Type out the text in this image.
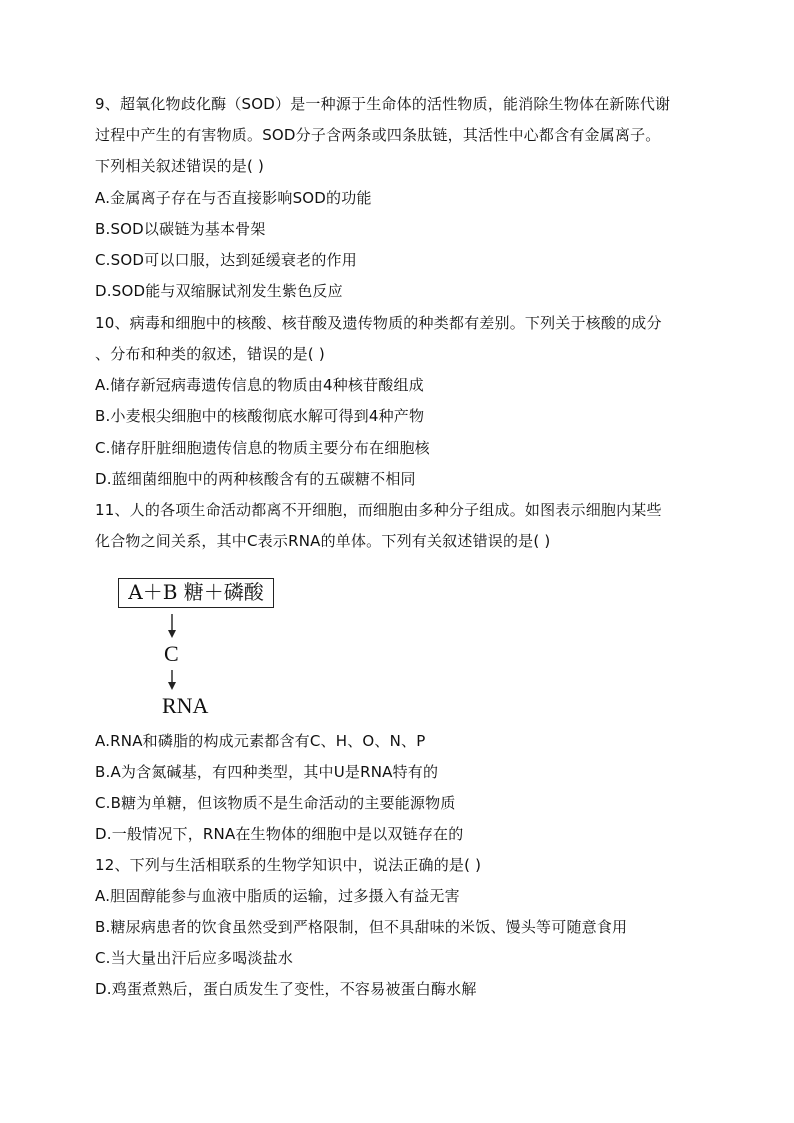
9、超氧化物歧化酶（SOD）是一种源于生命体的活性物质，能消除生物体在新陈代谢
过程中产生的有害物质。SOD分子含两条或四条肽链，其活性中心都含有金属离子。
下列相关叙述错误的是( )
A.金属离子存在与否直接影响SOD的功能
B.SOD以碳链为基本骨架
C.SOD可以口服，达到延缓衰老的作用
D.SOD能与双缩脲试剂发生紫色反应
10、病毒和细胞中的核酸、核苷酸及遗传物质的种类都有差别。下列关于核酸的成分
、分布和种类的叙述，错误的是( )
A.储存新冠病毒遗传信息的物质由4种核苷酸组成
B.小麦根尖细胞中的核酸彻底水解可得到4种产物
C.储存肝脏细胞遗传信息的物质主要分布在细胞核
D.蓝细菌细胞中的两种核酸含有的五碳糖不相同
11、人的各项生命活动都离不开细胞，而细胞由多种分子组成。如图表示细胞内某些
化合物之间关系，其中C表示RNA的单体。下列有关叙述错误的是( )
A＋B 糖＋磷酸
C
RNA
A.RNA和磷脂的构成元素都含有C、H、O、N、P
B.A为含氮碱基，有四种类型，其中U是RNA特有的
C.B糖为单糖，但该物质不是生命活动的主要能源物质
D.一般情况下，RNA在生物体的细胞中是以双链存在的
12、下列与生活相联系的生物学知识中，说法正确的是( )
A.胆固醇能参与血液中脂质的运输，过多摄入有益无害
B.糖尿病患者的饮食虽然受到严格限制，但不具甜味的米饭、馒头等可随意食用
C.当大量出汗后应多喝淡盐水
D.鸡蛋煮熟后，蛋白质发生了变性，不容易被蛋白酶水解
